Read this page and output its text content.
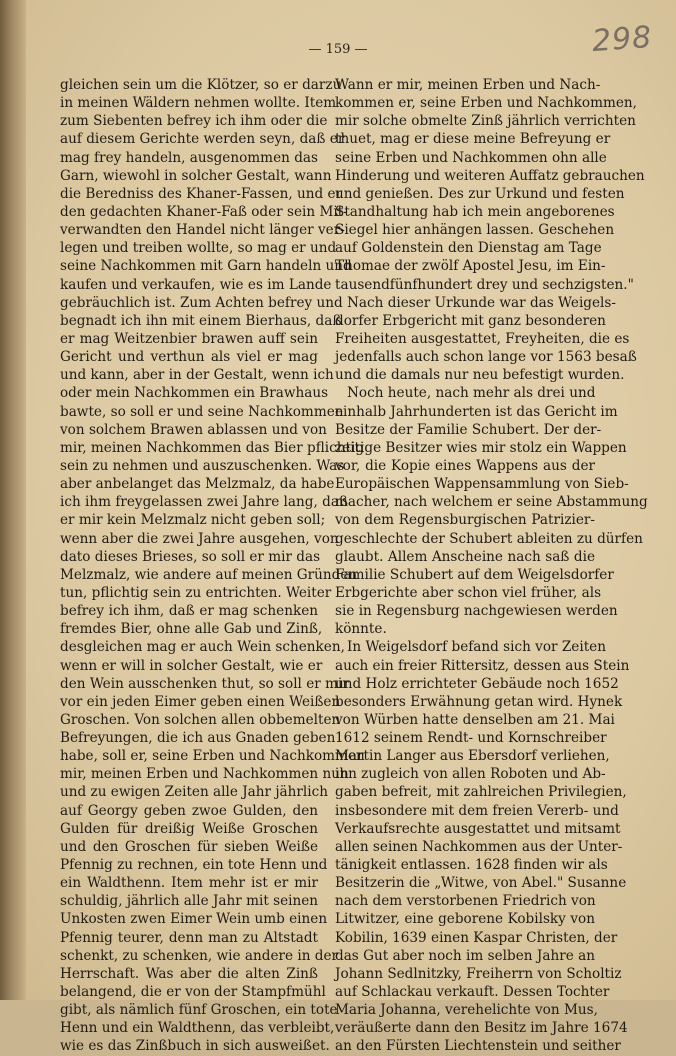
— 159 —	298
gleichen sein um die Klötzer, so er darzu
in meinen Wäldern nehmen wollte. Item
zum Siebenten befrey ich ihm oder die
auf diesem Gerichte werden seyn, daß er
mag frey handeln, ausgenommen das
Garn, wiewohl in solcher Gestalt, wann
die Beredniss des Khaner-Fassen, und er
den gedachten Khaner-Faß oder sein Mit-
verwandten den Handel nicht länger ver-
legen und treiben wollte, so mag er und
seine Nachkommen mit Garn handeln und
kaufen und verkaufen, wie es im Lande
gebräuchlich ist. Zum Achten befrey und
begnadt ich ihn mit einem Bierhaus, daß
er mag Weitzenbier brawen auff sein
Gericht und verthun als viel er mag
und kann, aber in der Gestalt, wenn ich
oder mein Nachkommen ein Brawhaus
bawte, so soll er und seine Nachkommen
von solchem Brawen ablassen und von
mir, meinen Nachkommen das Bier pflichtig
sein zu nehmen und auszuschenken. Was
aber anbelanget das Melzmalz, da habe
ich ihm freygelassen zwei Jahre lang, daß
er mir kein Melzmalz nicht geben soll;
wenn aber die zwei Jahre ausgehen, von
dato dieses Brieses, so soll er mir das
Melzmalz, wie andere auf meinen Gründen
tun, pflichtig sein zu entrichten. Weiter
befrey ich ihm, daß er mag schenken
fremdes Bier, ohne alle Gab und Zinß,
desgleichen mag er auch Wein schenken,
wenn er will in solcher Gestalt, wie er
den Wein ausschenken thut, so soll er mir
vor ein jeden Eimer geben einen Weißen
Groschen. Von solchen allen obbemelten
Befreyungen, die ich aus Gnaden geben
habe, soll er, seine Erben und Nachkommen
mir, meinen Erben und Nachkommen nun
und zu ewigen Zeiten alle Jahr jährlich
auf Georgy geben zwoe Gulden, den
Gulden für dreißig Weiße Groschen
und den Groschen für sieben Weiße
Pfennig zu rechnen, ein tote Henn und
ein Waldthenn. Item mehr ist er mir
schuldig, jährlich alle Jahr mit seinen
Unkosten zwen Eimer Wein umb einen
Pfennig teurer, denn man zu Altstadt
schenkt, zu schenken, wie andere in der
Herrschaft. Was aber die alten Zinß
belangend, die er von der Stampfmühl
gibt, als nämlich fünf Groschen, ein tote
Henn und ein Waldthenn, das verbleibt,
wie es das Zinßbuch in sich ausweißet.
Wann er mir, meinen Erben und Nach-
kommen er, seine Erben und Nachkommen,
mir solche obmelte Zinß jährlich verrichten
thuet, mag er diese meine Befreyung er
seine Erben und Nachkommen ohn alle
Hinderung und weiteren Auffatz gebrauchen
und genießen. Des zur Urkund und festen
Standhaltung hab ich mein angeborenes
Siegel hier anhängen lassen. Geschehen
auf Goldenstein den Dienstag am Tage
Thomae der zwölf Apostel Jesu, im Ein-
tausendfünfhundert drey und sechzigsten."
Nach dieser Urkunde war das Weigels-
dorfer Erbgericht mit ganz besonderen
Freiheiten ausgestattet, Freyheiten, die es
jedenfalls auch schon lange vor 1563 besaß
und die damals nur neu befestigt wurden.
Noch heute, nach mehr als drei und
einhalb Jahrhunderten ist das Gericht im
Besitze der Familie Schubert. Der der-
zeitige Besitzer wies mir stolz ein Wappen
vor, die Kopie eines Wappens aus der
Europäischen Wappensammlung von Sieb-
macher, nach welchem er seine Abstammung
von dem Regensburgischen Patrizier-
geschlechte der Schubert ableiten zu dürfen
glaubt. Allem Anscheine nach saß die
Familie Schubert auf dem Weigelsdorfer
Erbgerichte aber schon viel früher, als
sie in Regensburg nachgewiesen werden
könnte.
In Weigelsdorf befand sich vor Zeiten
auch ein freier Rittersitz, dessen aus Stein
und Holz errichteter Gebäude noch 1652
besonders Erwähnung getan wird. Hynek
von Würben hatte denselben am 21. Mai
1612 seinem Rendt- und Kornschreiber
Martin Langer aus Ebersdorf verliehen,
ihn zugleich von allen Roboten und Ab-
gaben befreit, mit zahlreichen Privilegien,
insbesondere mit dem freien Vererb- und
Verkaufsrechte ausgestattet und mitsamt
allen seinen Nachkommen aus der Unter-
tänigkeit entlassen. 1628 finden wir als
Besitzerin die „Witwe, von Abel." Susanne
nach dem verstorbenen Friedrich von
Litwitzer, eine geborene Kobilsky von
Kobilin, 1639 einen Kaspar Christen, der
das Gut aber noch im selben Jahre an
Johann Sedlnitzky, Freiherrn von Scholtiz
auf Schlackau verkauft. Dessen Tochter
Maria Johanna, verehelichte von Mus,
veräußerte dann den Besitz im Jahre 1674
an den Fürsten Liechtenstein und seither
